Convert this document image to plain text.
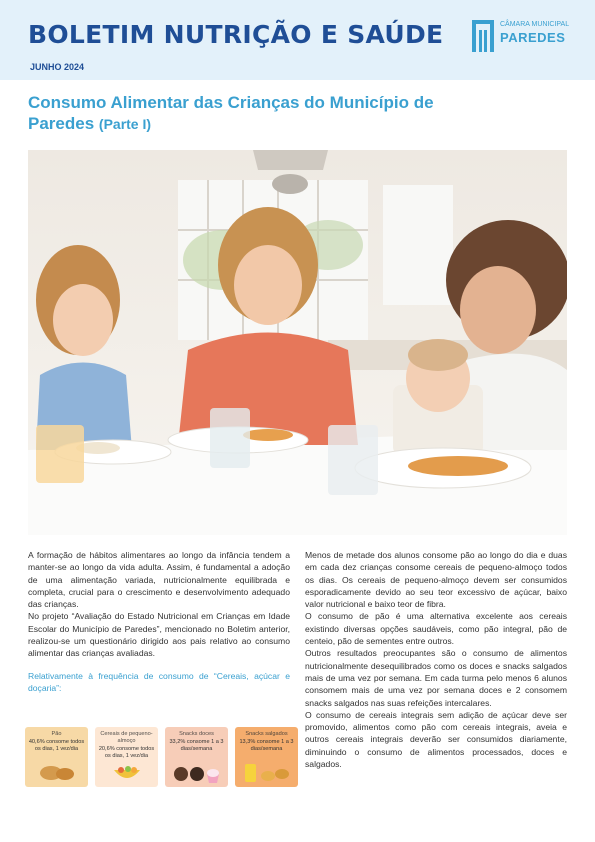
BOLETIM NUTRIÇÃO E SAÚDE
JUNHO 2024
CÂMARA MUNICIPAL
PAREDES
Consumo Alimentar das Crianças do Município de Paredes (Parte I)

A formação de hábitos alimentares ao longo da infância tendem a manter-se ao longo da vida adulta. Assim, é fundamental a adoção de uma alimentação variada, nutricionalmente equilibrada e completa, crucial para o crescimento e desenvolvimento adequado das crianças.

No projeto “Avaliação do Estado Nutricional em Crianças em Idade Escolar do Município de Paredes”, mencionado no Boletim anterior, realizou-se um questionário dirigido aos pais relativo ao consumo alimentar das crianças avaliadas.

Relativamente à frequência de consumo de “Cereais, açúcar e doçaria”:

Pão
40,6% consome todos os dias, 1 vez/dia
Cereais de pequeno-almoço
20,6% consome todos os dias, 1 vez/dia
Snacks doces
33,2% consome 1 a 3 dias/semana
Snacks salgados
13,3% consome 1 a 3 dias/semana

Menos de metade dos alunos consome pão ao longo do dia e duas em cada dez crianças consome cereais de pequeno-almoço todos os dias. Os cereais de pequeno-almoço devem ser consumidos esporadicamente devido ao seu teor excessivo de açúcar, baixo valor nutricional e baixo teor de fibra.

O consumo de pão é uma alternativa excelente aos cereais existindo diversas opções saudáveis, como pão integral, pão de centeio, pão de sementes entre outros.

Outros resultados preocupantes são o consumo de alimentos nutricionalmente desequilibrados como os doces e snacks salgados mais de uma vez por semana. Em cada turma pelo menos 6 alunos consomem mais de uma vez por semana doces e 2 consomem snacks salgados nas suas refeições intercalares.

O consumo de cereais integrais sem adição de açúcar deve ser promovido, alimentos como pão com cereais integrais, aveia e outros cereais integrais deverão ser consumidos diariamente, diminuindo o consumo de alimentos processados, doces e salgados.
